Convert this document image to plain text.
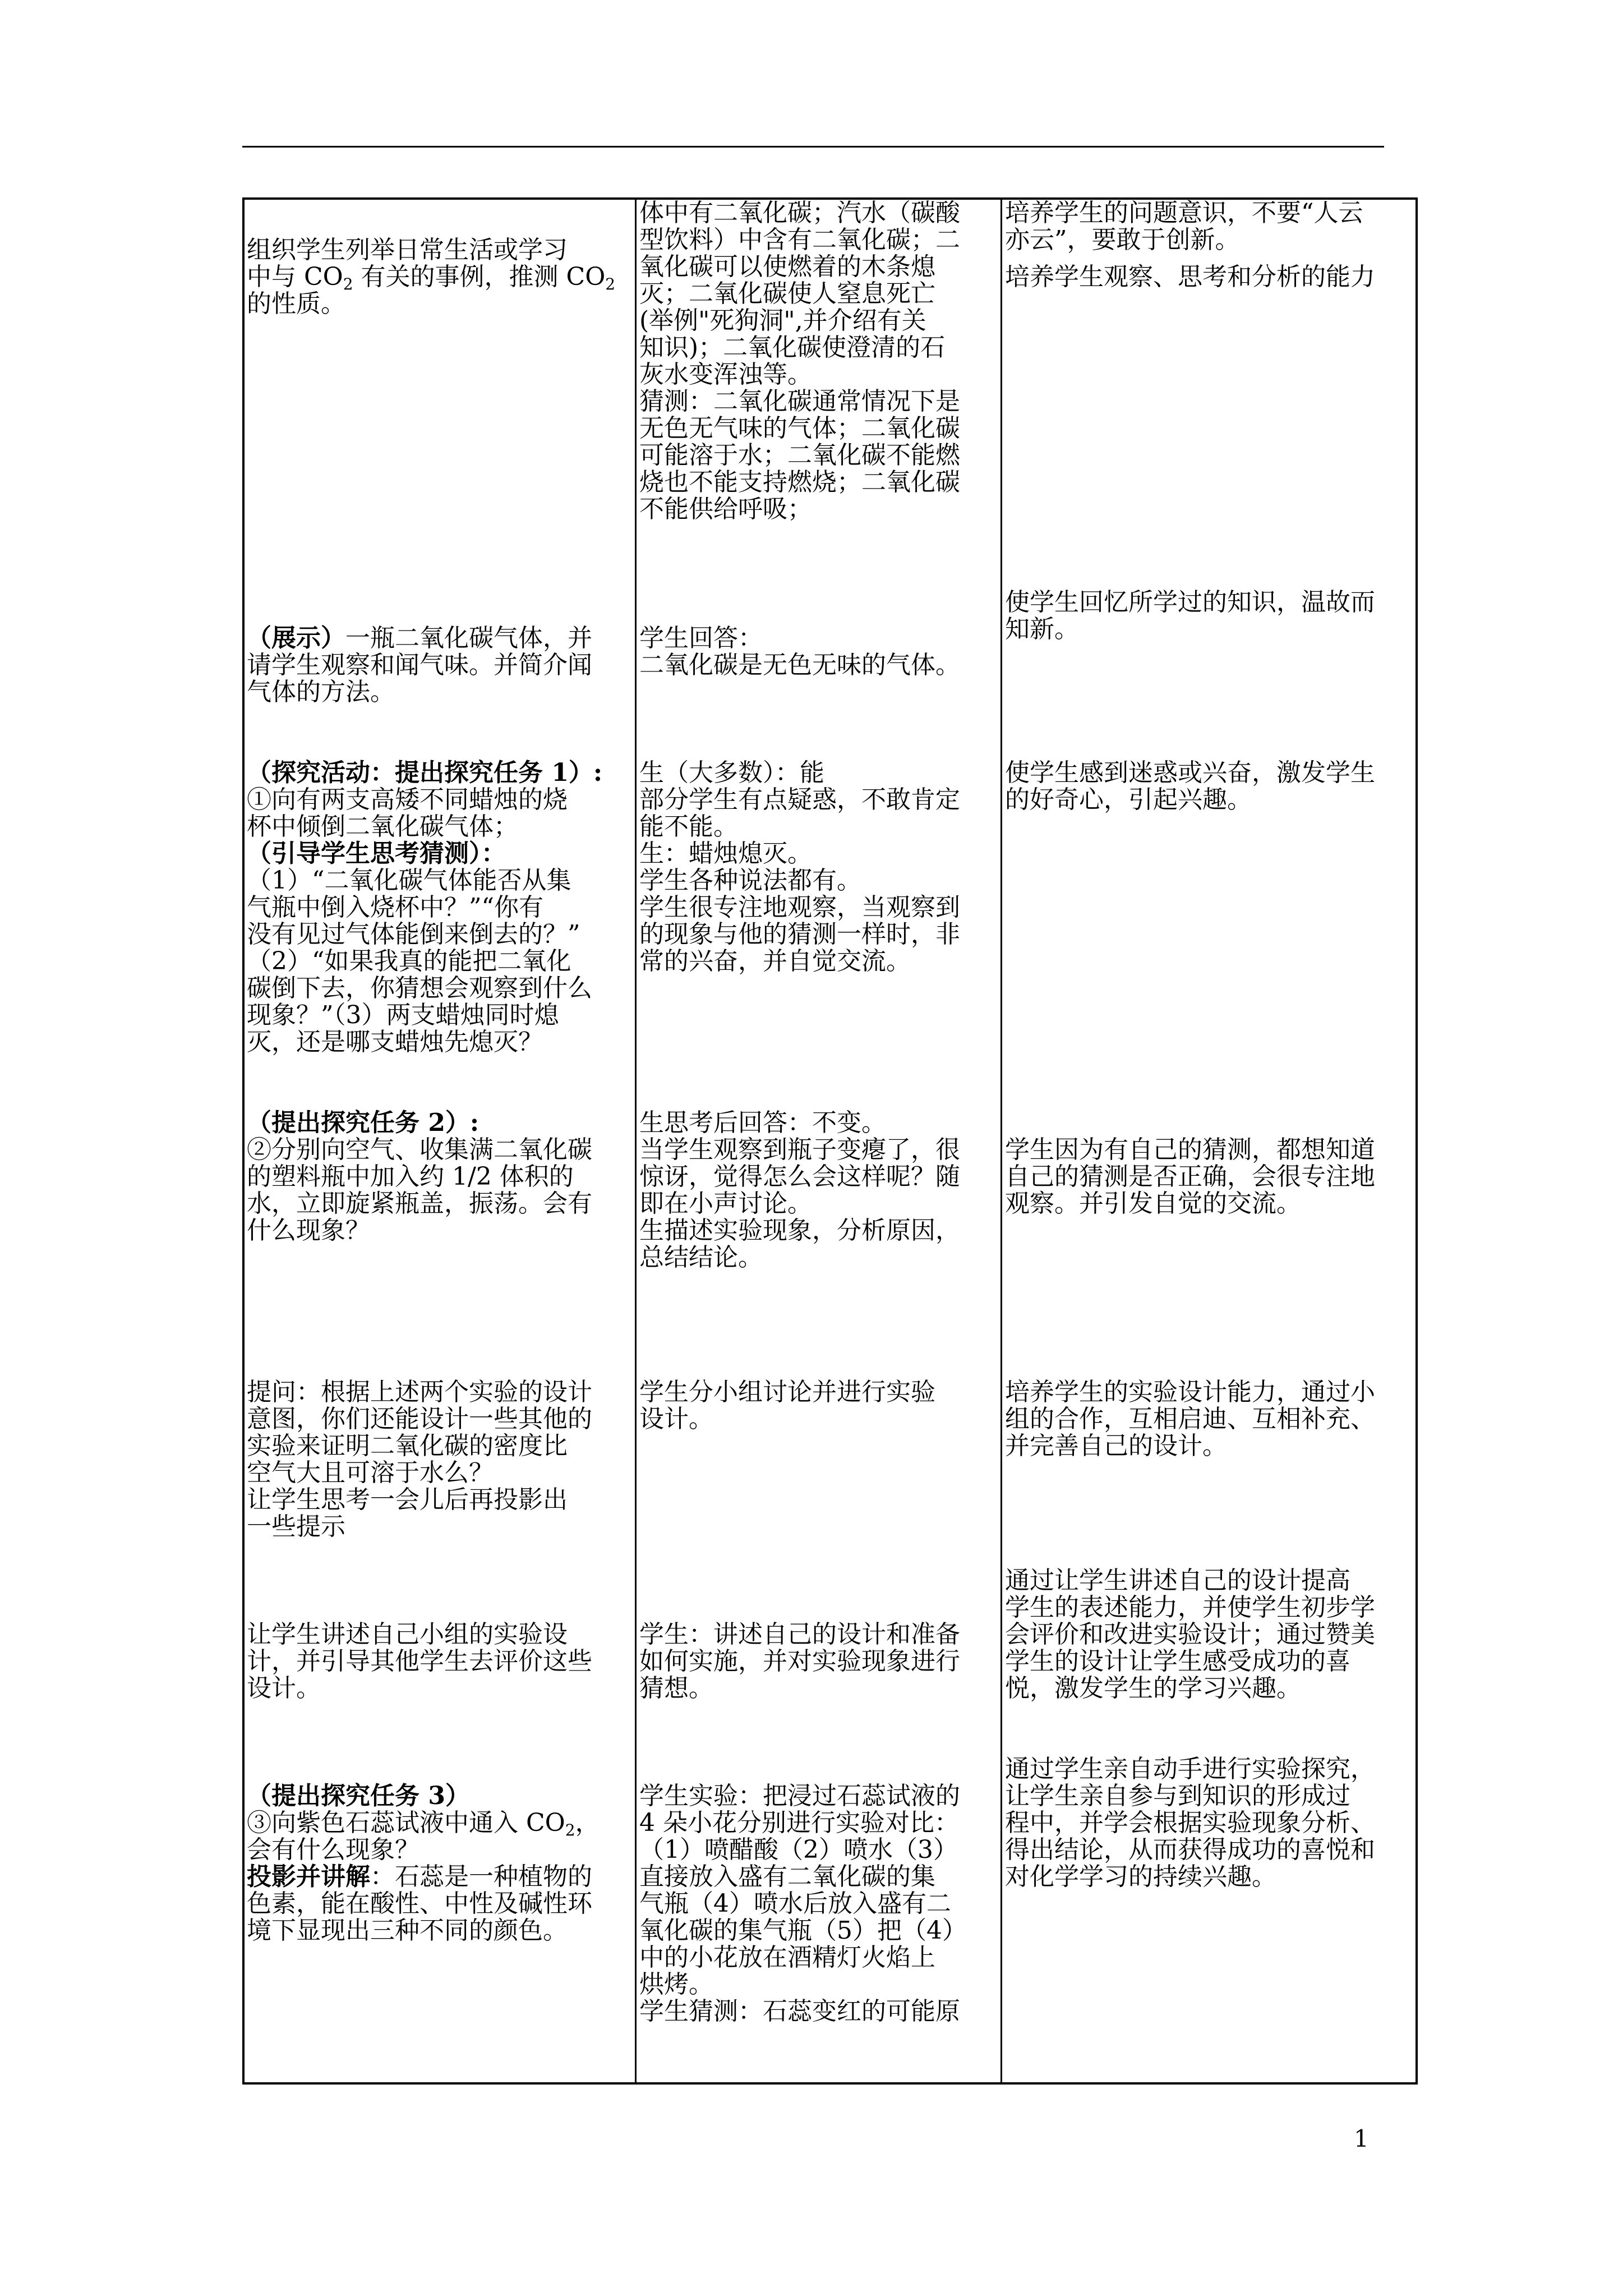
组织学生列举日常生活或学习
中与 $CO_2$ 有关的事例，推测 $CO_2$
的性质。
（展示）一瓶二氧化碳气体，并
请学生观察和闻气味。并简介闻
气体的方法。
（探究活动：提出探究任务 1）:
①向有两支高矮不同蜡烛的烧
杯中倾倒二氧化碳气体；
（引导学生思考猜测）：
（1）“二氧化碳气体能否从集
气瓶中倒入烧杯中？”“你有
没有见过气体能倒来倒去的？”
（2）“如果我真的能把二氧化
碳倒下去，你猜想会观察到什么
现象？”（3）两支蜡烛同时熄
灭，还是哪支蜡烛先熄灭？
（提出探究任务 2）:
②分别向空气、收集满二氧化碳
的塑料瓶中加入约 1/2 体积的
水，立即旋紧瓶盖，振荡。会有
什么现象？
提问：根据上述两个实验的设计
意图，你们还能设计一些其他的
实验来证明二氧化碳的密度比
空气大且可溶于水么？
让学生思考一会儿后再投影出
一些提示
让学生讲述自己小组的实验设
计，并引导其他学生去评价这些
设计。
（提出探究任务 3）
③向紫色石蕊试液中通入 $CO_2$，
会有什么现象？
投影并讲解：石蕊是一种植物的
色素，能在酸性、中性及碱性环
境下显现出三种不同的颜色。
体中有二氧化碳；汽水（碳酸
型饮料）中含有二氧化碳；二
氧化碳可以使燃着的木条熄
灭；二氧化碳使人窒息死亡
(举例"死狗洞",并介绍有关
知识)；二氧化碳使澄清的石
灰水变浑浊等。
猜测：二氧化碳通常情况下是
无色无气味的气体；二氧化碳
可能溶于水；二氧化碳不能燃
烧也不能支持燃烧；二氧化碳
不能供给呼吸；
学生回答：
二氧化碳是无色无味的气体。
生（大多数）：能
部分学生有点疑惑，不敢肯定
能不能。
生：蜡烛熄灭。
学生各种说法都有。
学生很专注地观察，当观察到
的现象与他的猜测一样时，非
常的兴奋，并自觉交流。
生思考后回答：不变。
当学生观察到瓶子变瘪了，很
惊讶，觉得怎么会这样呢？随
即在小声讨论。
生描述实验现象，分析原因，
总结结论。
学生分小组讨论并进行实验
设计。
学生：讲述自己的设计和准备
如何实施，并对实验现象进行
猜想。
学生实验：把浸过石蕊试液的
4 朵小花分别进行实验对比：
（1）喷醋酸（2）喷水（3）
直接放入盛有二氧化碳的集
气瓶（4）喷水后放入盛有二
氧化碳的集气瓶（5）把（4）
中的小花放在酒精灯火焰上
烘烤。
学生猜测：石蕊变红的可能原
培养学生的问题意识，不要“人云
亦云”，要敢于创新。
培养学生观察、思考和分析的能力
使学生回忆所学过的知识，温故而
知新。
使学生感到迷惑或兴奋，激发学生
的好奇心，引起兴趣。
学生因为有自己的猜测，都想知道
自己的猜测是否正确，会很专注地
观察。并引发自觉的交流。
培养学生的实验设计能力，通过小
组的合作，互相启迪、互相补充、
并完善自己的设计。
通过让学生讲述自己的设计提高
学生的表述能力，并使学生初步学
会评价和改进实验设计；通过赞美
学生的设计让学生感受成功的喜
悦，激发学生的学习兴趣。
通过学生亲自动手进行实验探究，
让学生亲自参与到知识的形成过
程中，并学会根据实验现象分析、
得出结论，从而获得成功的喜悦和
对化学学习的持续兴趣。
1
